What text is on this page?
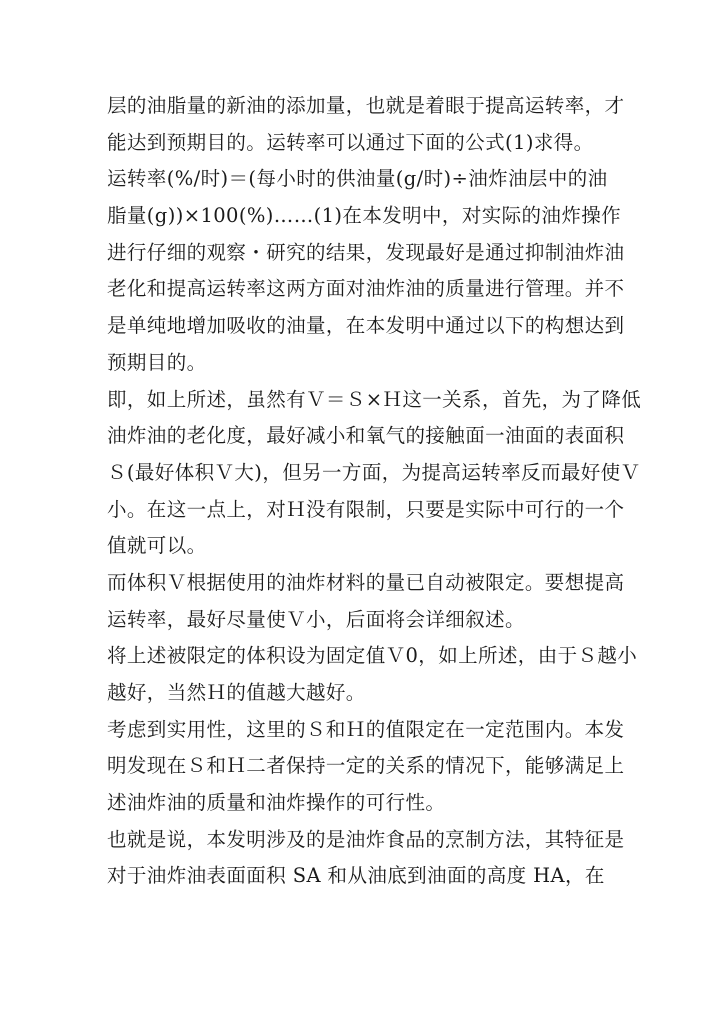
层的油脂量的新油的添加量，也就是着眼于提高运转率，才
能达到预期目的。运转率可以通过下面的公式(1)求得。
运转率(%/时)＝(每小时的供油量(g/时)÷油炸油层中的油
脂量(g))×100(%)……(1)在本发明中，对实际的油炸操作
进行仔细的观察・研究的结果，发现最好是通过抑制油炸油
老化和提高运转率这两方面对油炸油的质量进行管理。并不
是单纯地增加吸收的油量，在本发明中通过以下的构想达到
预期目的。
即，如上所述，虽然有Ｖ＝Ｓ×Ｈ这一关系，首先，为了降低
油炸油的老化度，最好减小和氧气的接触面一油面的表面积
Ｓ(最好体积Ｖ大)，但另一方面，为提高运转率反而最好使Ｖ
小。在这一点上，对Ｈ没有限制，只要是实际中可行的一个
值就可以。
而体积Ｖ根据使用的油炸材料的量已自动被限定。要想提高
运转率，最好尽量使Ｖ小，后面将会详细叙述。
将上述被限定的体积设为固定值Ｖ0，如上所述，由于Ｓ越小
越好，当然Ｈ的值越大越好。
考虑到实用性，这里的Ｓ和Ｈ的值限定在一定范围内。本发
明发现在Ｓ和Ｈ二者保持一定的关系的情况下，能够满足上
述油炸油的质量和油炸操作的可行性。
也就是说，本发明涉及的是油炸食品的烹制方法，其特征是
对于油炸油表面面积 SA 和从油底到油面的高度 HA，在
